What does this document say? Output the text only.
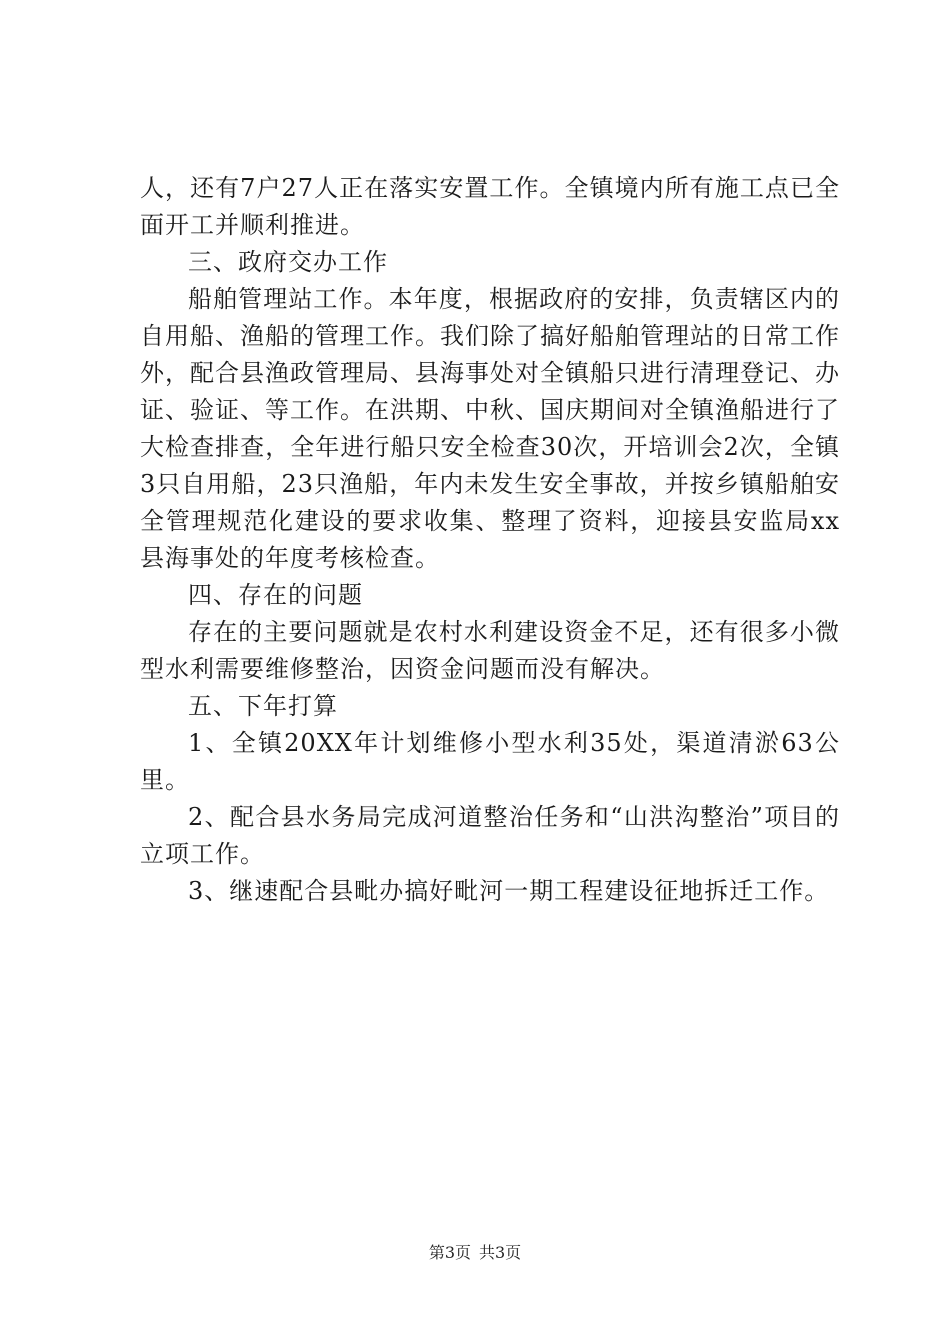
人，还有7户27人正在落实安置工作。全镇境内所有施工点已全面开工并顺利推进。

三、政府交办工作

船舶管理站工作。本年度，根据政府的安排，负责辖区内的自用船、渔船的管理工作。我们除了搞好船舶管理站的日常工作外，配合县渔政管理局、县海事处对全镇船只进行清理登记、办证、验证、等工作。在洪期、中秋、国庆期间对全镇渔船进行了大检查排查，全年进行船只安全检查30次，开培训会2次，全镇3只自用船，23只渔船，年内未发生安全事故，并按乡镇船舶安全管理规范化建设的要求收集、整理了资料，迎接县安监局xx县海事处的年度考核检查。

四、存在的问题

存在的主要问题就是农村水利建设资金不足，还有很多小微型水利需要维修整治，因资金问题而没有解决。

五、下年打算

1、全镇20XX年计划维修小型水利35处，渠道清淤63公里。

2、配合县水务局完成河道整治任务和“山洪沟整治”项目的立项工作。

3、继速配合县毗办搞好毗河一期工程建设征地拆迁工作。

第3页 共3页
